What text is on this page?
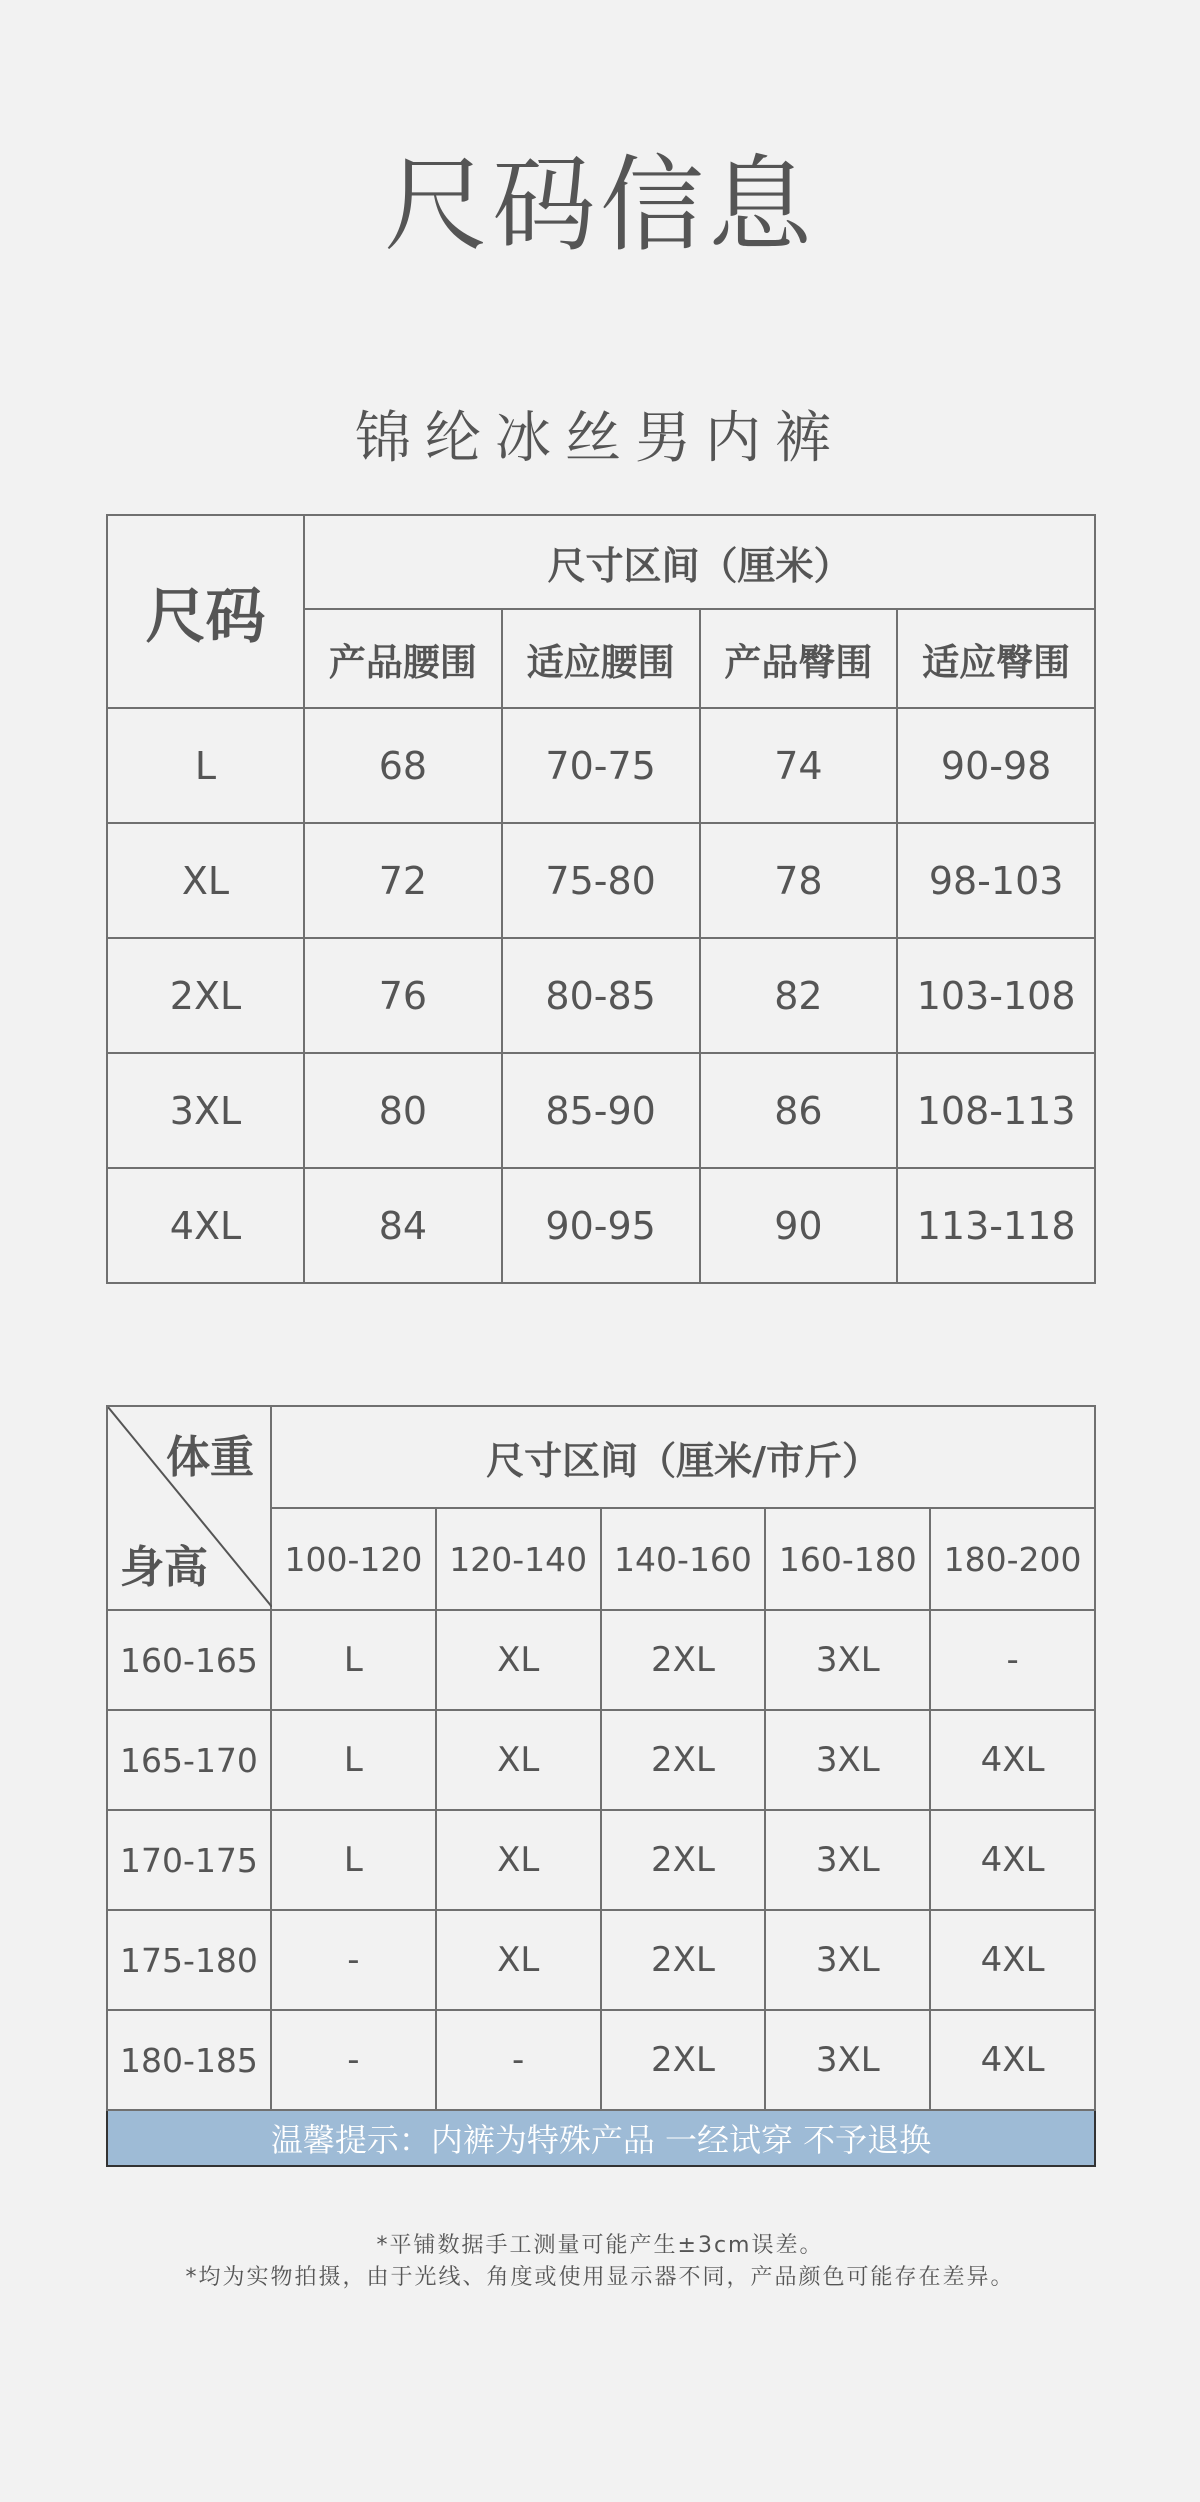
尺码信息
锦纶冰丝男内裤
尺码	尺寸区间（厘米）			
	产品腰围	适应腰围	产品臀围	适应臀围
L	68	70-75	74	90-98
XL	72	75-80	78	98-103
2XL	76	80-85	82	103-108
3XL	80	85-90	86	108-113
4XL	84	90-95	90	113-118
体重
身高	尺寸区间（厘米/市斤）				
	100-120	120-140	140-160	160-180	180-200
160-165	L	XL	2XL	3XL	-
165-170	L	XL	2XL	3XL	4XL
170-175	L	XL	2XL	3XL	4XL
175-180	-	XL	2XL	3XL	4XL
180-185	-	-	2XL	3XL	4XL
温馨提示：内裤为特殊产品 一经试穿 不予退换					
*平铺数据手工测量可能产生±3cm误差。
*均为实物拍摄，由于光线、角度或使用显示器不同，产品颜色可能存在差异。
